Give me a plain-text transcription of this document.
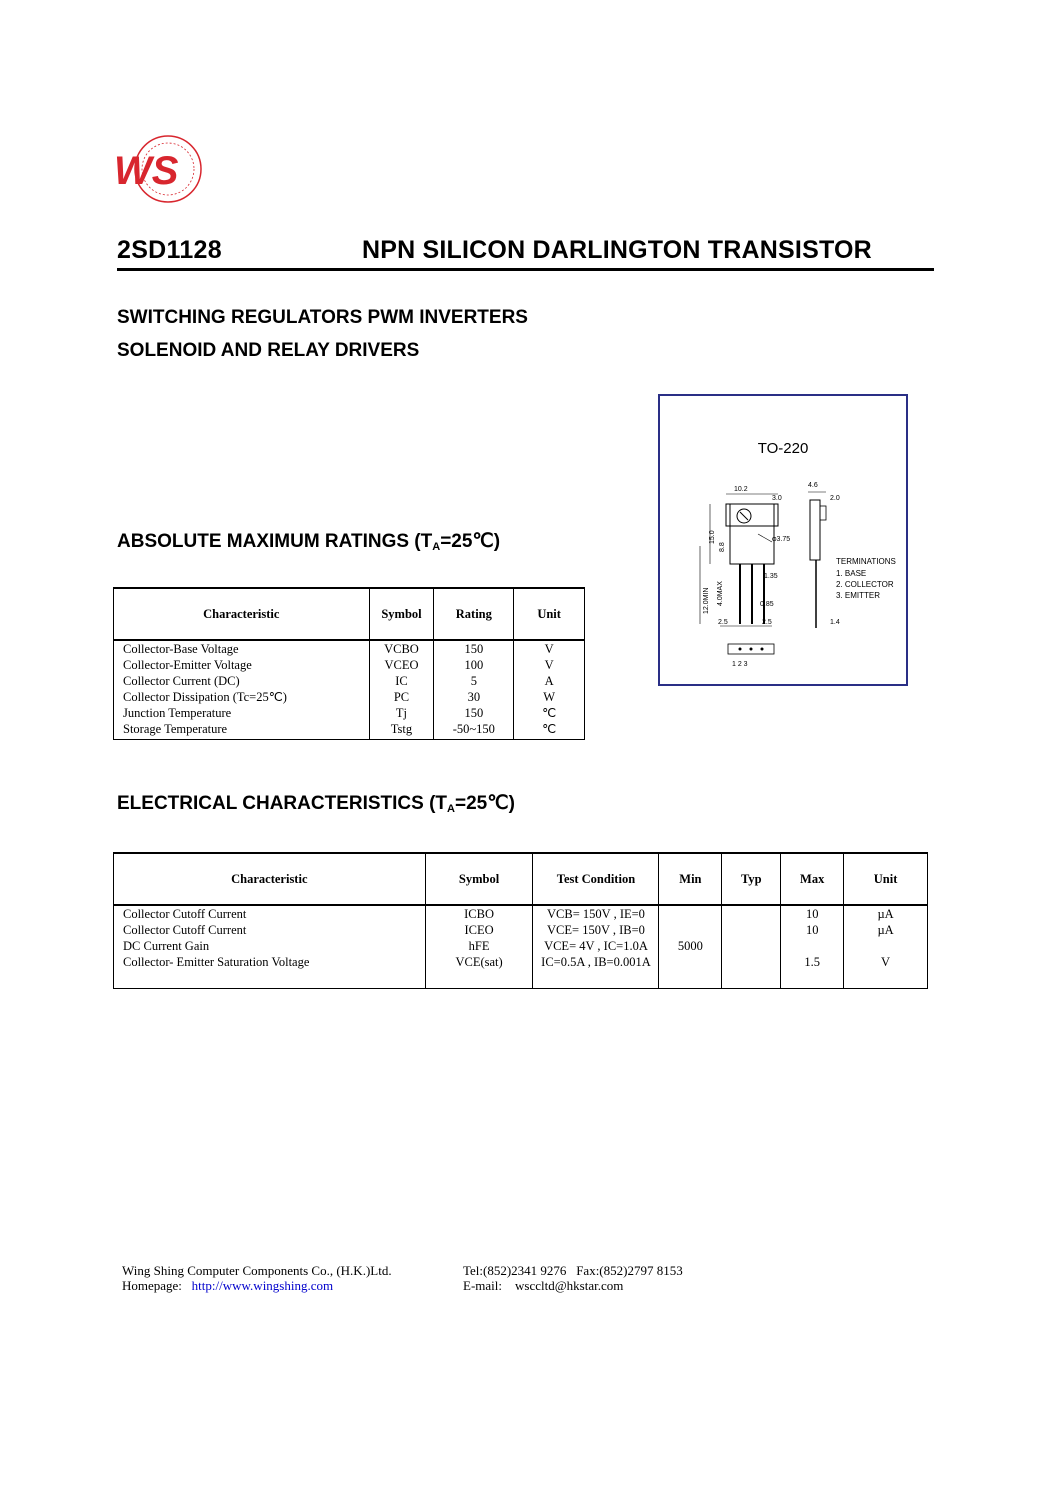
WS
2SD1128	NPN SILICON DARLINGTON TRANSISTOR
SWITCHING REGULATORS PWM INVERTERS
SOLENOID AND RELAY DRIVERS
TO-220
10.2
4.6
2.0
3.0
φ3.75
15.0
8.8
12.0MIN 4.0MAX
1.35
0.85
2.5	2.5	1.4
1 2 3
TERMINATIONS
1. BASE
2. COLLECTOR
3. EMITTER
ABSOLUTE MAXIMUM RATINGS $(T_A=25℃)$
Characteristic	Symbol	Rating	Unit
Collector-Base Voltage	VCBO	150	V
Collector-Emitter Voltage	VCEO	100	V
Collector Current (DC)	IC	5	A
Collector Dissipation (Tc=25℃)	PC	30	W
Junction Temperature	Tj	150	℃
Storage Temperature	Tstg	-50~150	℃
ELECTRICAL CHARACTERISTICS $(T_A=25℃)$
Characteristic	Symbol	Test Condition	Min	Typ	Max	Unit
Collector Cutoff Current	ICBO	VCB= 150V , IE=0			10	µA
Collector Cutoff Current	ICEO	VCE= 150V , IB=0			10	µA
DC Current Gain	hFE	VCE= 4V , IC=1.0A	5000			
Collector- Emitter Saturation Voltage	VCE(sat)	IC=0.5A , IB=0.001A			1.5	V

Wing Shing Computer Components Co., (H.K.)Ltd.
Homepage: http://www.wingshing.com
Tel:(852)2341 9276 Fax:(852)2797 8153
E-mail: wsccltd@hkstar.com
